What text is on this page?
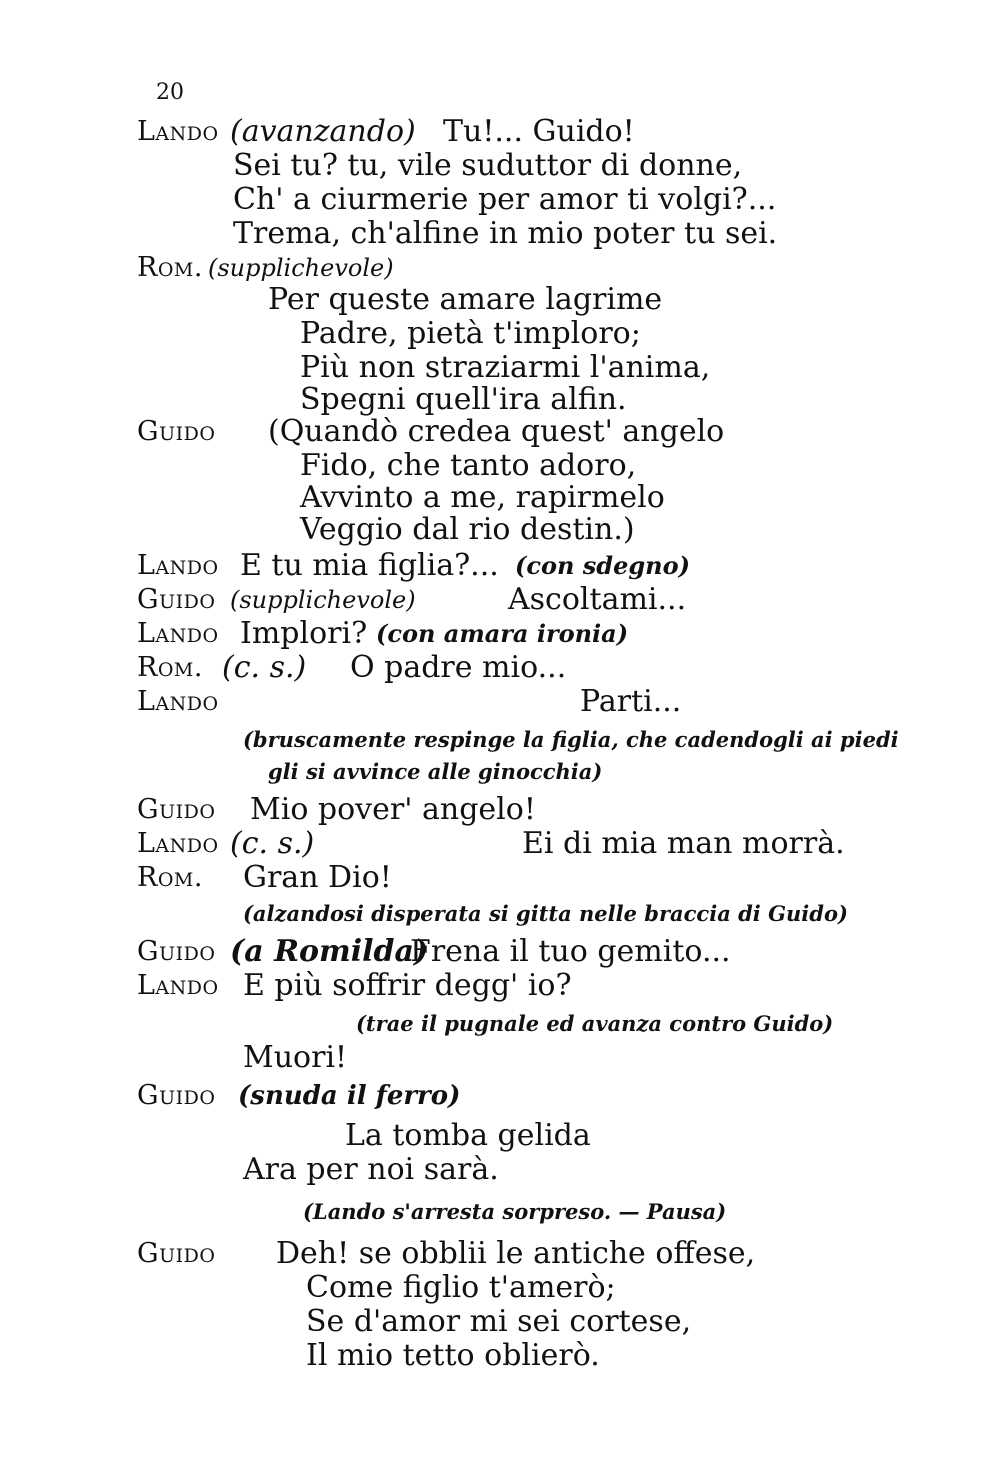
20
Lando (avanzando) Tu!... Guido!
Sei tu? tu, vile suduttor di donne,
Ch' a ciurmerie per amor ti volgi?...
Trema, ch'alfine in mio poter tu sei.
Rom. (supplichevole)
Per queste amare lagrime
Padre, pietà t'imploro;
Più non straziarmi l'anima,
Spegni quell'ira alfin.
Guido (Quandò credea quest' angelo
Fido, che tanto adoro,
Avvinto a me, rapirmelo
Veggio dal rio destin.)
Lando E tu mia figlia?... (con sdegno)
Guido (supplichevole)	Ascoltami...
Lando Implori? (con amara ironia)
Rom. (c. s.) O padre mio...
Lando	Parti...
(bruscamente respinge la figlia, che cadendogli ai piedi
gli si avvince alle ginocchia)
Guido Mio pover' angelo!
Lando (c. s.)	Ei di mia man morrà.
Rom. Gran Dio!
(alzandosi disperata si gitta nelle braccia di Guido)
Guido (a Romilda)
Frena il tuo gemito...
Lando E più soffrir degg' io?
(trae il pugnale ed avanza contro Guido)
Muori!
Guido (snuda il ferro)
La tomba gelida
Ara per noi sarà.
(Lando s'arresta sorpreso. — Pausa)
Guido Deh! se obblii le antiche offese,
Come figlio t'amerò;
Se d'amor mi sei cortese,
Il mio tetto oblierò.
